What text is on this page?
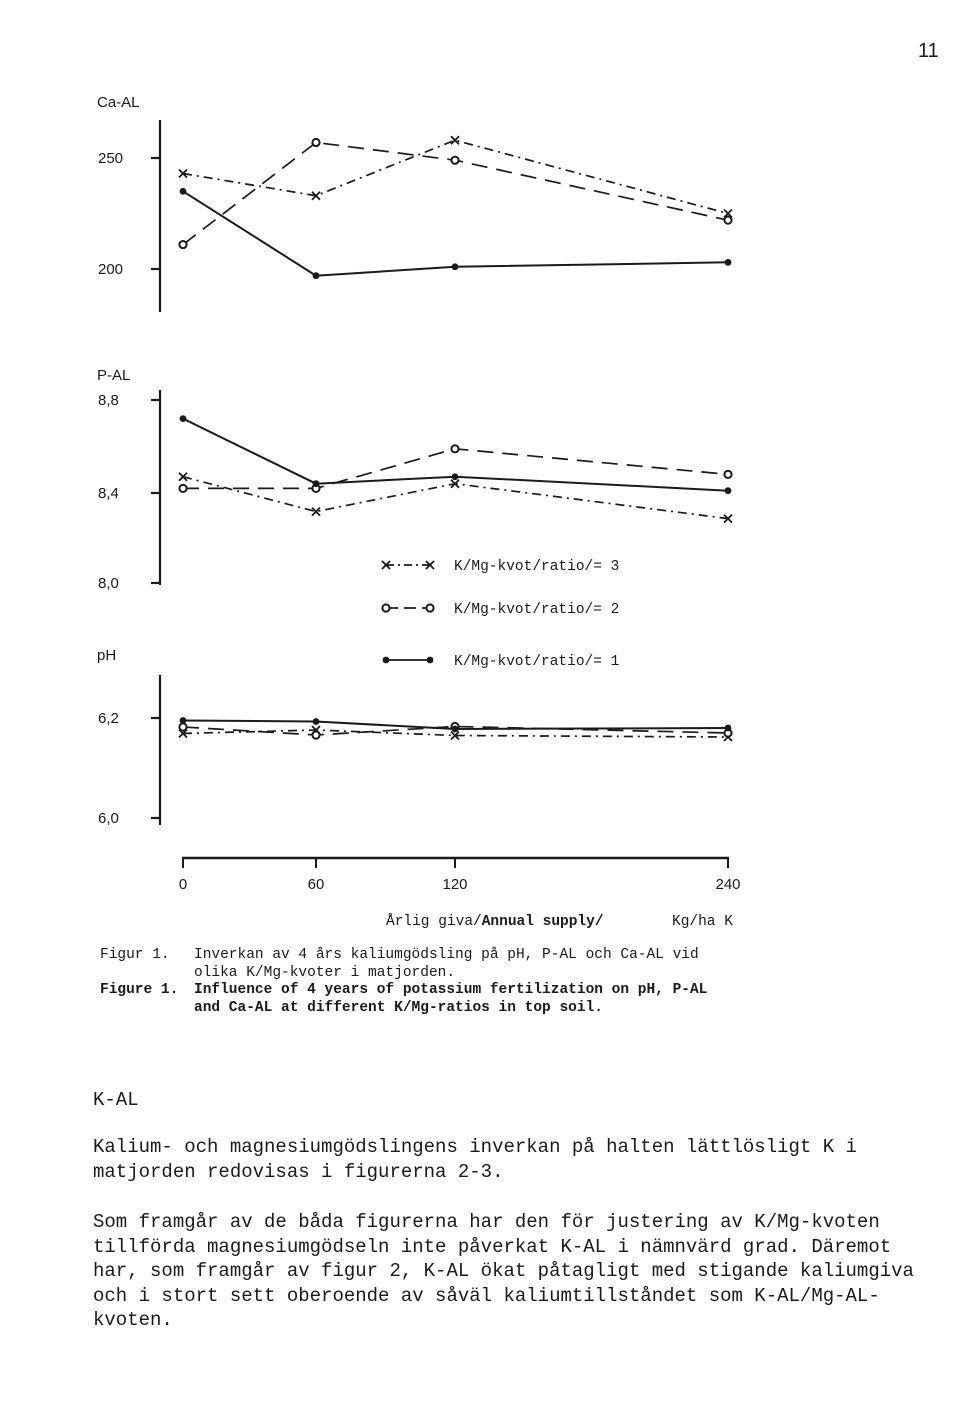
11
Ca-AL
250
200
P-AL
8,8
8,4
8,0
pH
6,2
6,0
0	60	120	240
Årlig giva/Annual supply/	Kg/ha K
K/Mg-kvot/ratio/= 3
K/Mg-kvot/ratio/= 2
K/Mg-kvot/ratio/= 1
Figur 1.	Inverkan av 4 års kaliumgödsling på pH, P-AL och Ca-AL vid
olika K/Mg-kvoter i matjorden.
Figure 1.	Influence of 4 years of potassium fertilization on pH, P-AL
and Ca-AL at different K/Mg-ratios in top soil.
K-AL

Kalium- och magnesiumgödslingens inverkan på halten lättlösligt K i matjorden redovisas i figurerna 2-3.

Som framgår av de båda figurerna har den för justering av K/Mg-kvoten tillförda magnesiumgödseln inte påverkat K-AL i nämnvärd grad. Däremot har, som framgår av figur 2, K-AL ökat påtagligt med stigande kaliumgiva och i stort sett oberoende av såväl kaliumtillståndet som K-AL/Mg-AL-kvoten.
